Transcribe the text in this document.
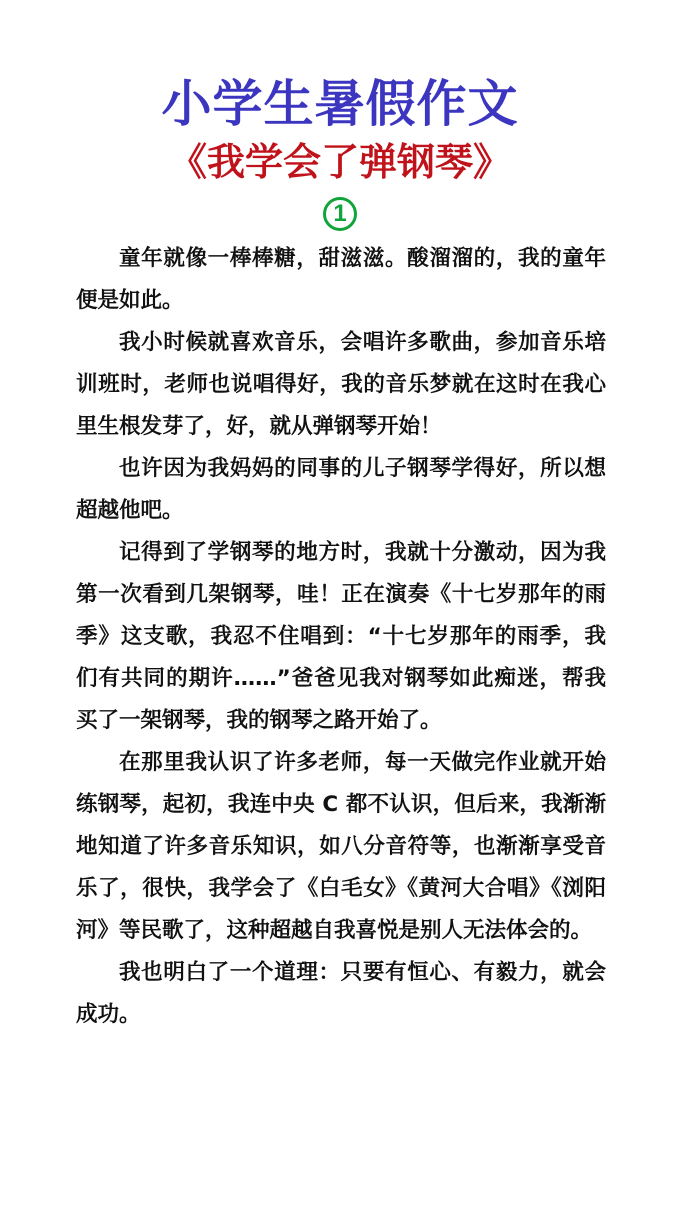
小学生暑假作文
《我学会了弹钢琴》
1

童年就像一棒棒糖，甜滋滋。酸溜溜的，我的童年便是如此。

我小时候就喜欢音乐，会唱许多歌曲，参加音乐培训班时，老师也说唱得好，我的音乐梦就在这时在我心里生根发芽了，好，就从弹钢琴开始！

也许因为我妈妈的同事的儿子钢琴学得好，所以想超越他吧。

记得到了学钢琴的地方时，我就十分激动，因为我第一次看到几架钢琴，哇！正在演奏《十七岁那年的雨季》这支歌，我忍不住唱到：“十七岁那年的雨季，我们有共同的期许……”爸爸见我对钢琴如此痴迷，帮我买了一架钢琴，我的钢琴之路开始了。

在那里我认识了许多老师，每一天做完作业就开始练钢琴，起初，我连中央 C 都不认识，但后来，我渐渐地知道了许多音乐知识，如八分音符等，也渐渐享受音乐了，很快，我学会了《白毛女》《黄河大合唱》《浏阳河》等民歌了，这种超越自我喜悦是别人无法体会的。

我也明白了一个道理：只要有恒心、有毅力，就会成功。
